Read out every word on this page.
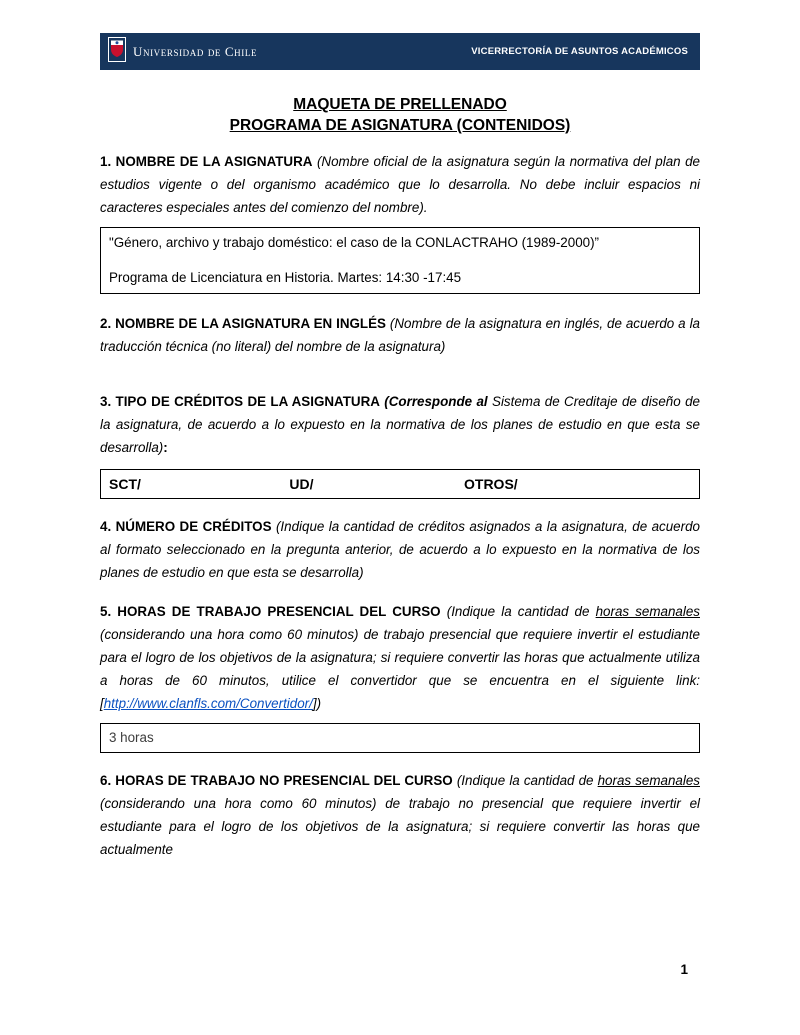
Universidad de Chile	VICERRECTORÍA DE ASUNTOS ACADÉMICOS
MAQUETA DE PRELLENADO
PROGRAMA DE ASIGNATURA (CONTENIDOS)

1. NOMBRE DE LA ASIGNATURA (Nombre oficial de la asignatura según la normativa del plan de estudios vigente o del organismo académico que lo desarrolla. No debe incluir espacios ni caracteres especiales antes del comienzo del nombre).

"Género, archivo y trabajo doméstico: el caso de la CONLACTRAHO (1989-2000)”
Programa de Licenciatura en Historia. Martes: 14:30 -17:45

2. NOMBRE DE LA ASIGNATURA EN INGLÉS (Nombre de la asignatura en inglés, de acuerdo a la traducción técnica (no literal) del nombre de la asignatura)

3. TIPO DE CRÉDITOS DE LA ASIGNATURA (Corresponde al Sistema de Creditaje de diseño de la asignatura, de acuerdo a lo expuesto en la normativa de los planes de estudio en que esta se desarrolla):

SCT/	UD/	OTROS/

4. NÚMERO DE CRÉDITOS (Indique la cantidad de créditos asignados a la asignatura, de acuerdo al formato seleccionado en la pregunta anterior, de acuerdo a lo expuesto en la normativa de los planes de estudio en que esta se desarrolla)

5. HORAS DE TRABAJO PRESENCIAL DEL CURSO (Indique la cantidad de horas semanales (considerando una hora como 60 minutos) de trabajo presencial que requiere invertir el estudiante para el logro de los objetivos de la asignatura; si requiere convertir las horas que actualmente utiliza a horas de 60 minutos, utilice el convertidor que se encuentra en el siguiente link: [http://www.clanfls.com/Convertidor/])

3 horas

6. HORAS DE TRABAJO NO PRESENCIAL DEL CURSO (Indique la cantidad de horas semanales (considerando una hora como 60 minutos) de trabajo no presencial que requiere invertir el estudiante para el logro de los objetivos de la asignatura; si requiere convertir las horas que actualmente

1
